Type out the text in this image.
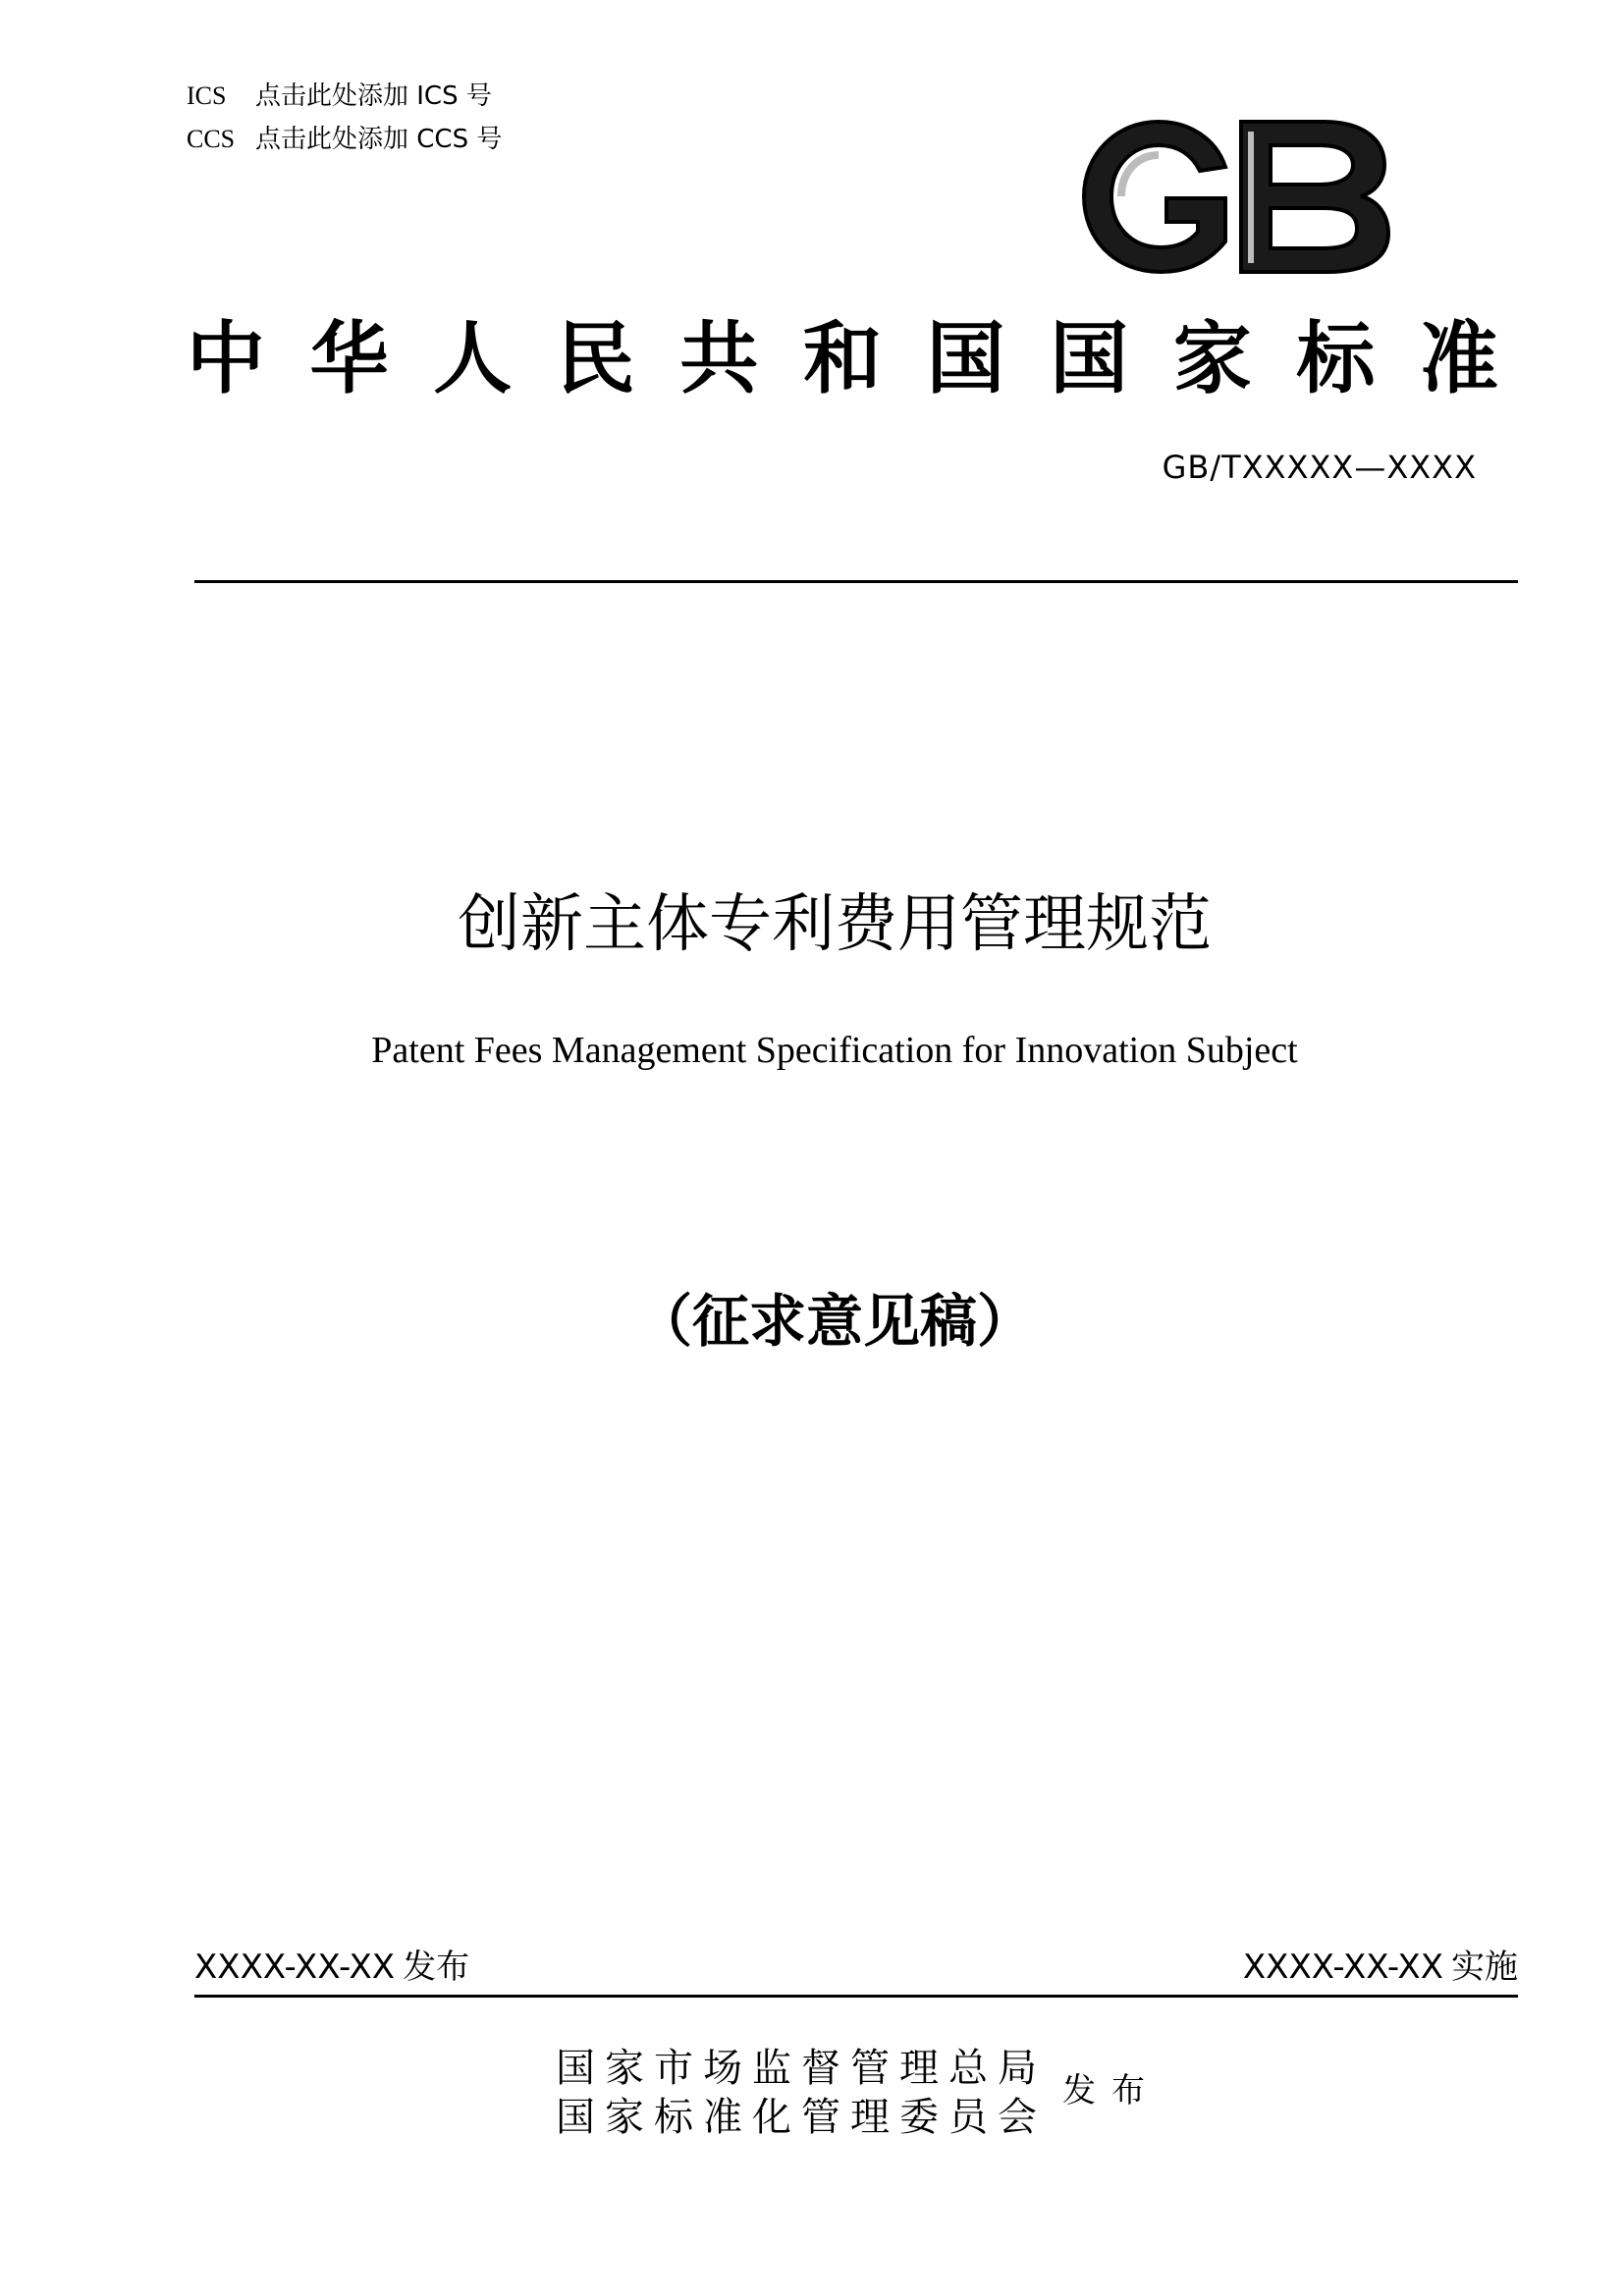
ICS 点击此处添加 ICS 号
CCS 点击此处添加 CCS 号
中华人民共和国国家标准
GB/TXXXXX—XXXX
创新主体专利费用管理规范
Patent Fees Management Specification for Innovation Subject
（征求意见稿）
XXXX-XX-XX 发布	XXXX-XX-XX 实施
国家市场监督管理总局
国家标准化管理委员会
发布
